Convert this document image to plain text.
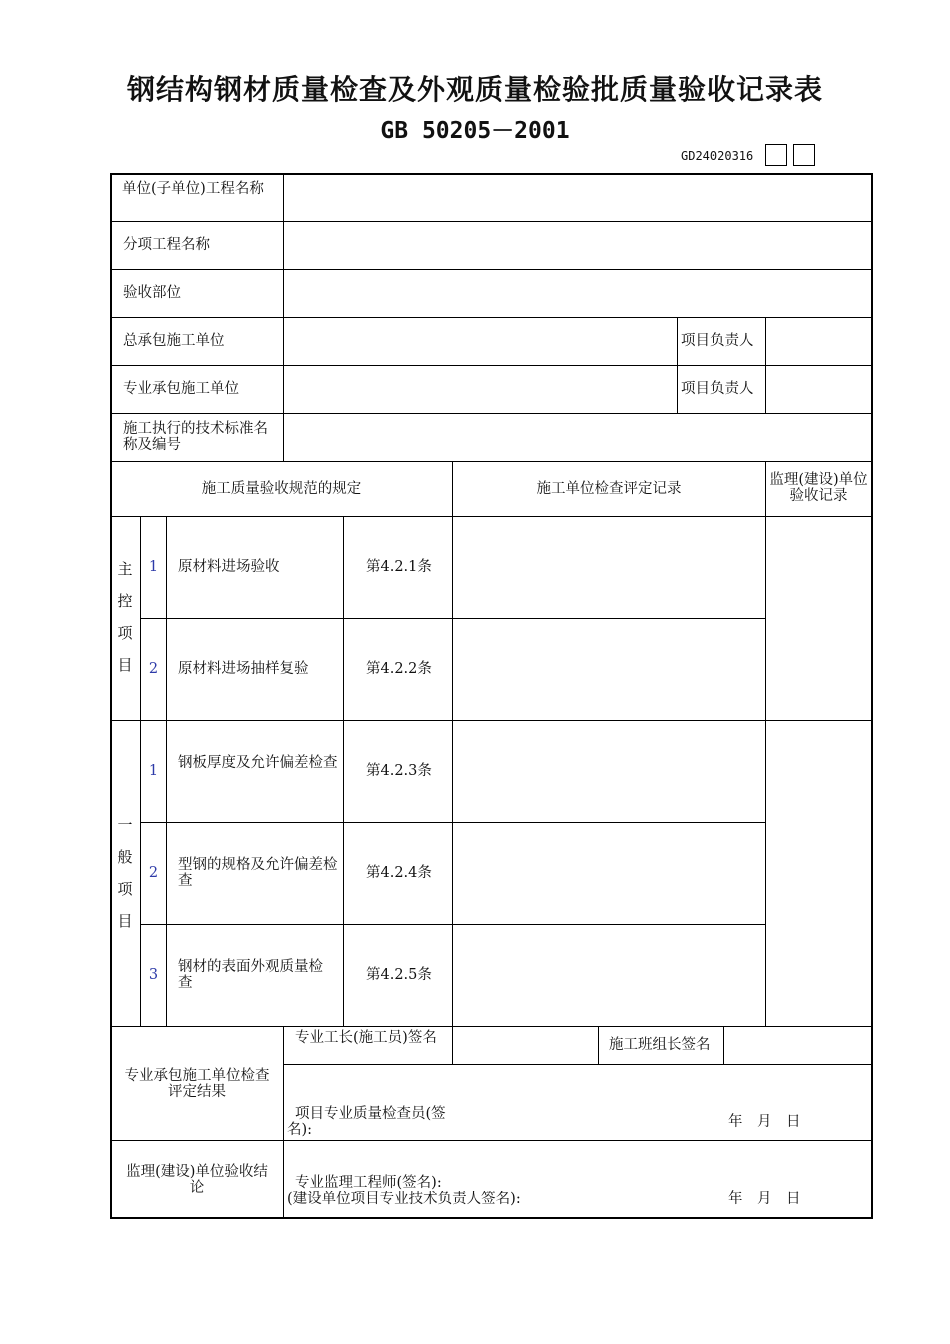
钢结构钢材质量检查及外观质量检验批质量验收记录表
GB 50205－2001
GD24020316
单位(子单位)工程名称
分项工程名称
验收部位
总承包施工单位	项目负责人
专业承包施工单位	项目负责人
施工执行的技术标准名称及编号
施工质量验收规范的规定	施工单位检查评定记录
监理(建设)单位验收记录
主
控
项
目
1	原材料进场验收	第4.2.1条
2	原材料进场抽样复验	第4.2.2条
一
般
项
目
1	钢板厚度及允许偏差检查 第4.2.3条
2	型钢的规格及允许偏差检查	第4.2.4条
3	钢材的表面外观质量检查	第4.2.5条
专业承包施工单位检查评定结果
专业工长(施工员)签名	施工班组长签名
项目专业质量检查员(签名):	年　月　日
监理(建设)单位验收结论	专业监理工程师(签名):
(建设单位项目专业技术负责人签名):	年　月　日
